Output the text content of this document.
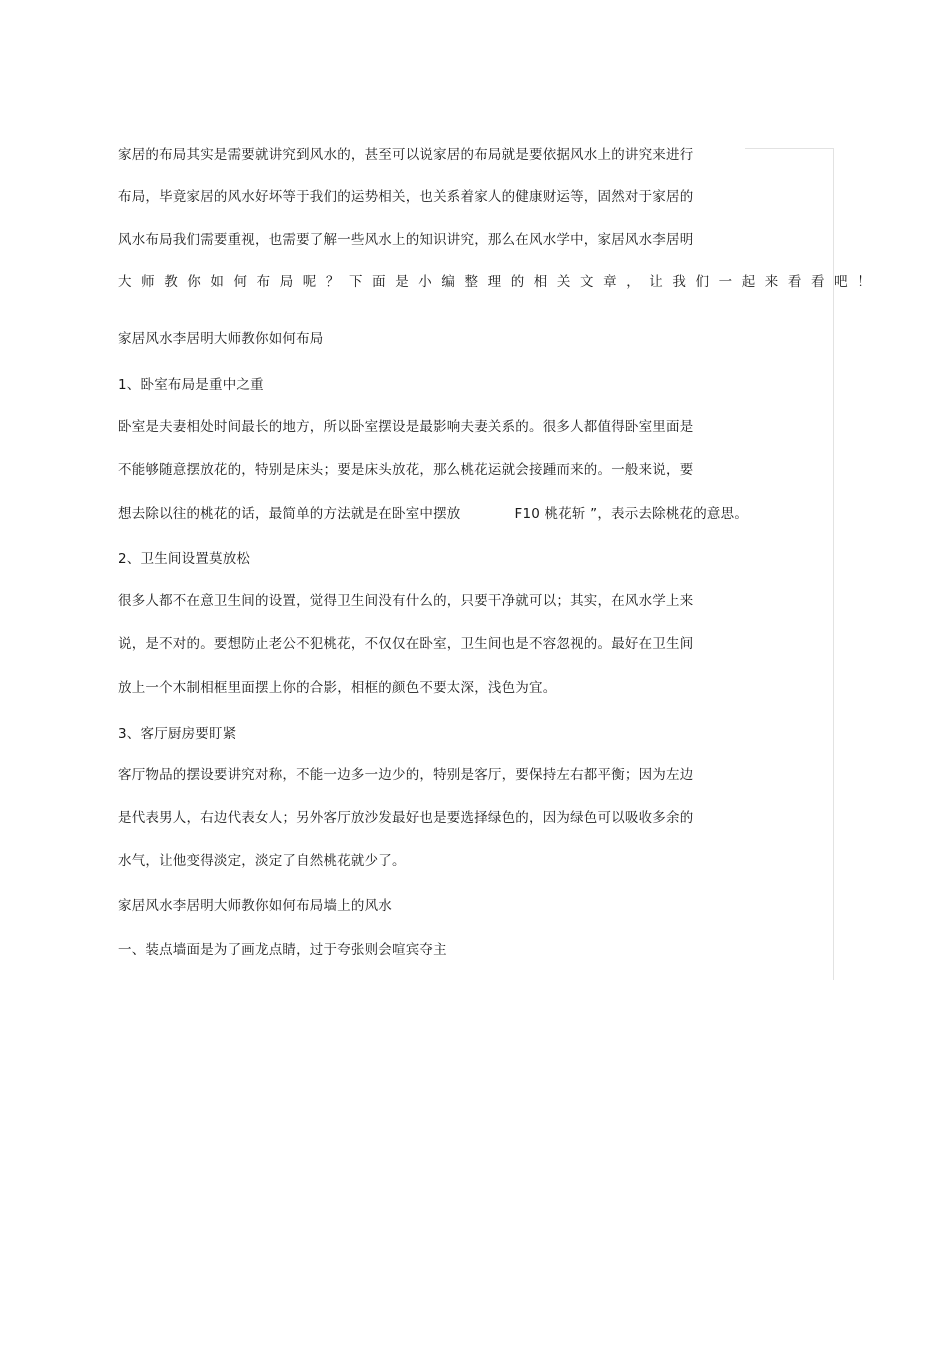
家居的布局其实是需要就讲究到风水的，甚至可以说家居的布局就是要依据风水上的讲究来进行
布局，毕竟家居的风水好坏等于我们的运势相关，也关系着家人的健康财运等，固然对于家居的
风水布局我们需要重视，也需要了解一些风水上的知识讲究，那么在风水学中，家居风水李居明
大师教你如何布局呢？下面是小编整理的相关文章，让我们一起来看看吧！
家居风水李居明大师教你如何布局
1、卧室布局是重中之重
卧室是夫妻相处时间最长的地方，所以卧室摆设是最影响夫妻关系的。很多人都值得卧室里面是
不能够随意摆放花的，特别是床头；要是床头放花，那么桃花运就会接踵而来的。一般来说，要
想去除以往的桃花的话，最简单的方法就是在卧室中摆放	F10 桃花斩 ”，表示去除桃花的意思。
2、卫生间设置莫放松
很多人都不在意卫生间的设置，觉得卫生间没有什么的，只要干净就可以；其实，在风水学上来
说，是不对的。要想防止老公不犯桃花，不仅仅在卧室，卫生间也是不容忽视的。最好在卫生间
放上一个木制相框里面摆上你的合影，相框的颜色不要太深，浅色为宜。
3、客厅厨房要盯紧
客厅物品的摆设要讲究对称，不能一边多一边少的，特别是客厅，要保持左右都平衡；因为左边
是代表男人，右边代表女人；另外客厅放沙发最好也是要选择绿色的，因为绿色可以吸收多余的
水气，让他变得淡定，淡定了自然桃花就少了。
家居风水李居明大师教你如何布局墙上的风水
一、装点墙面是为了画龙点睛，过于夸张则会喧宾夺主
